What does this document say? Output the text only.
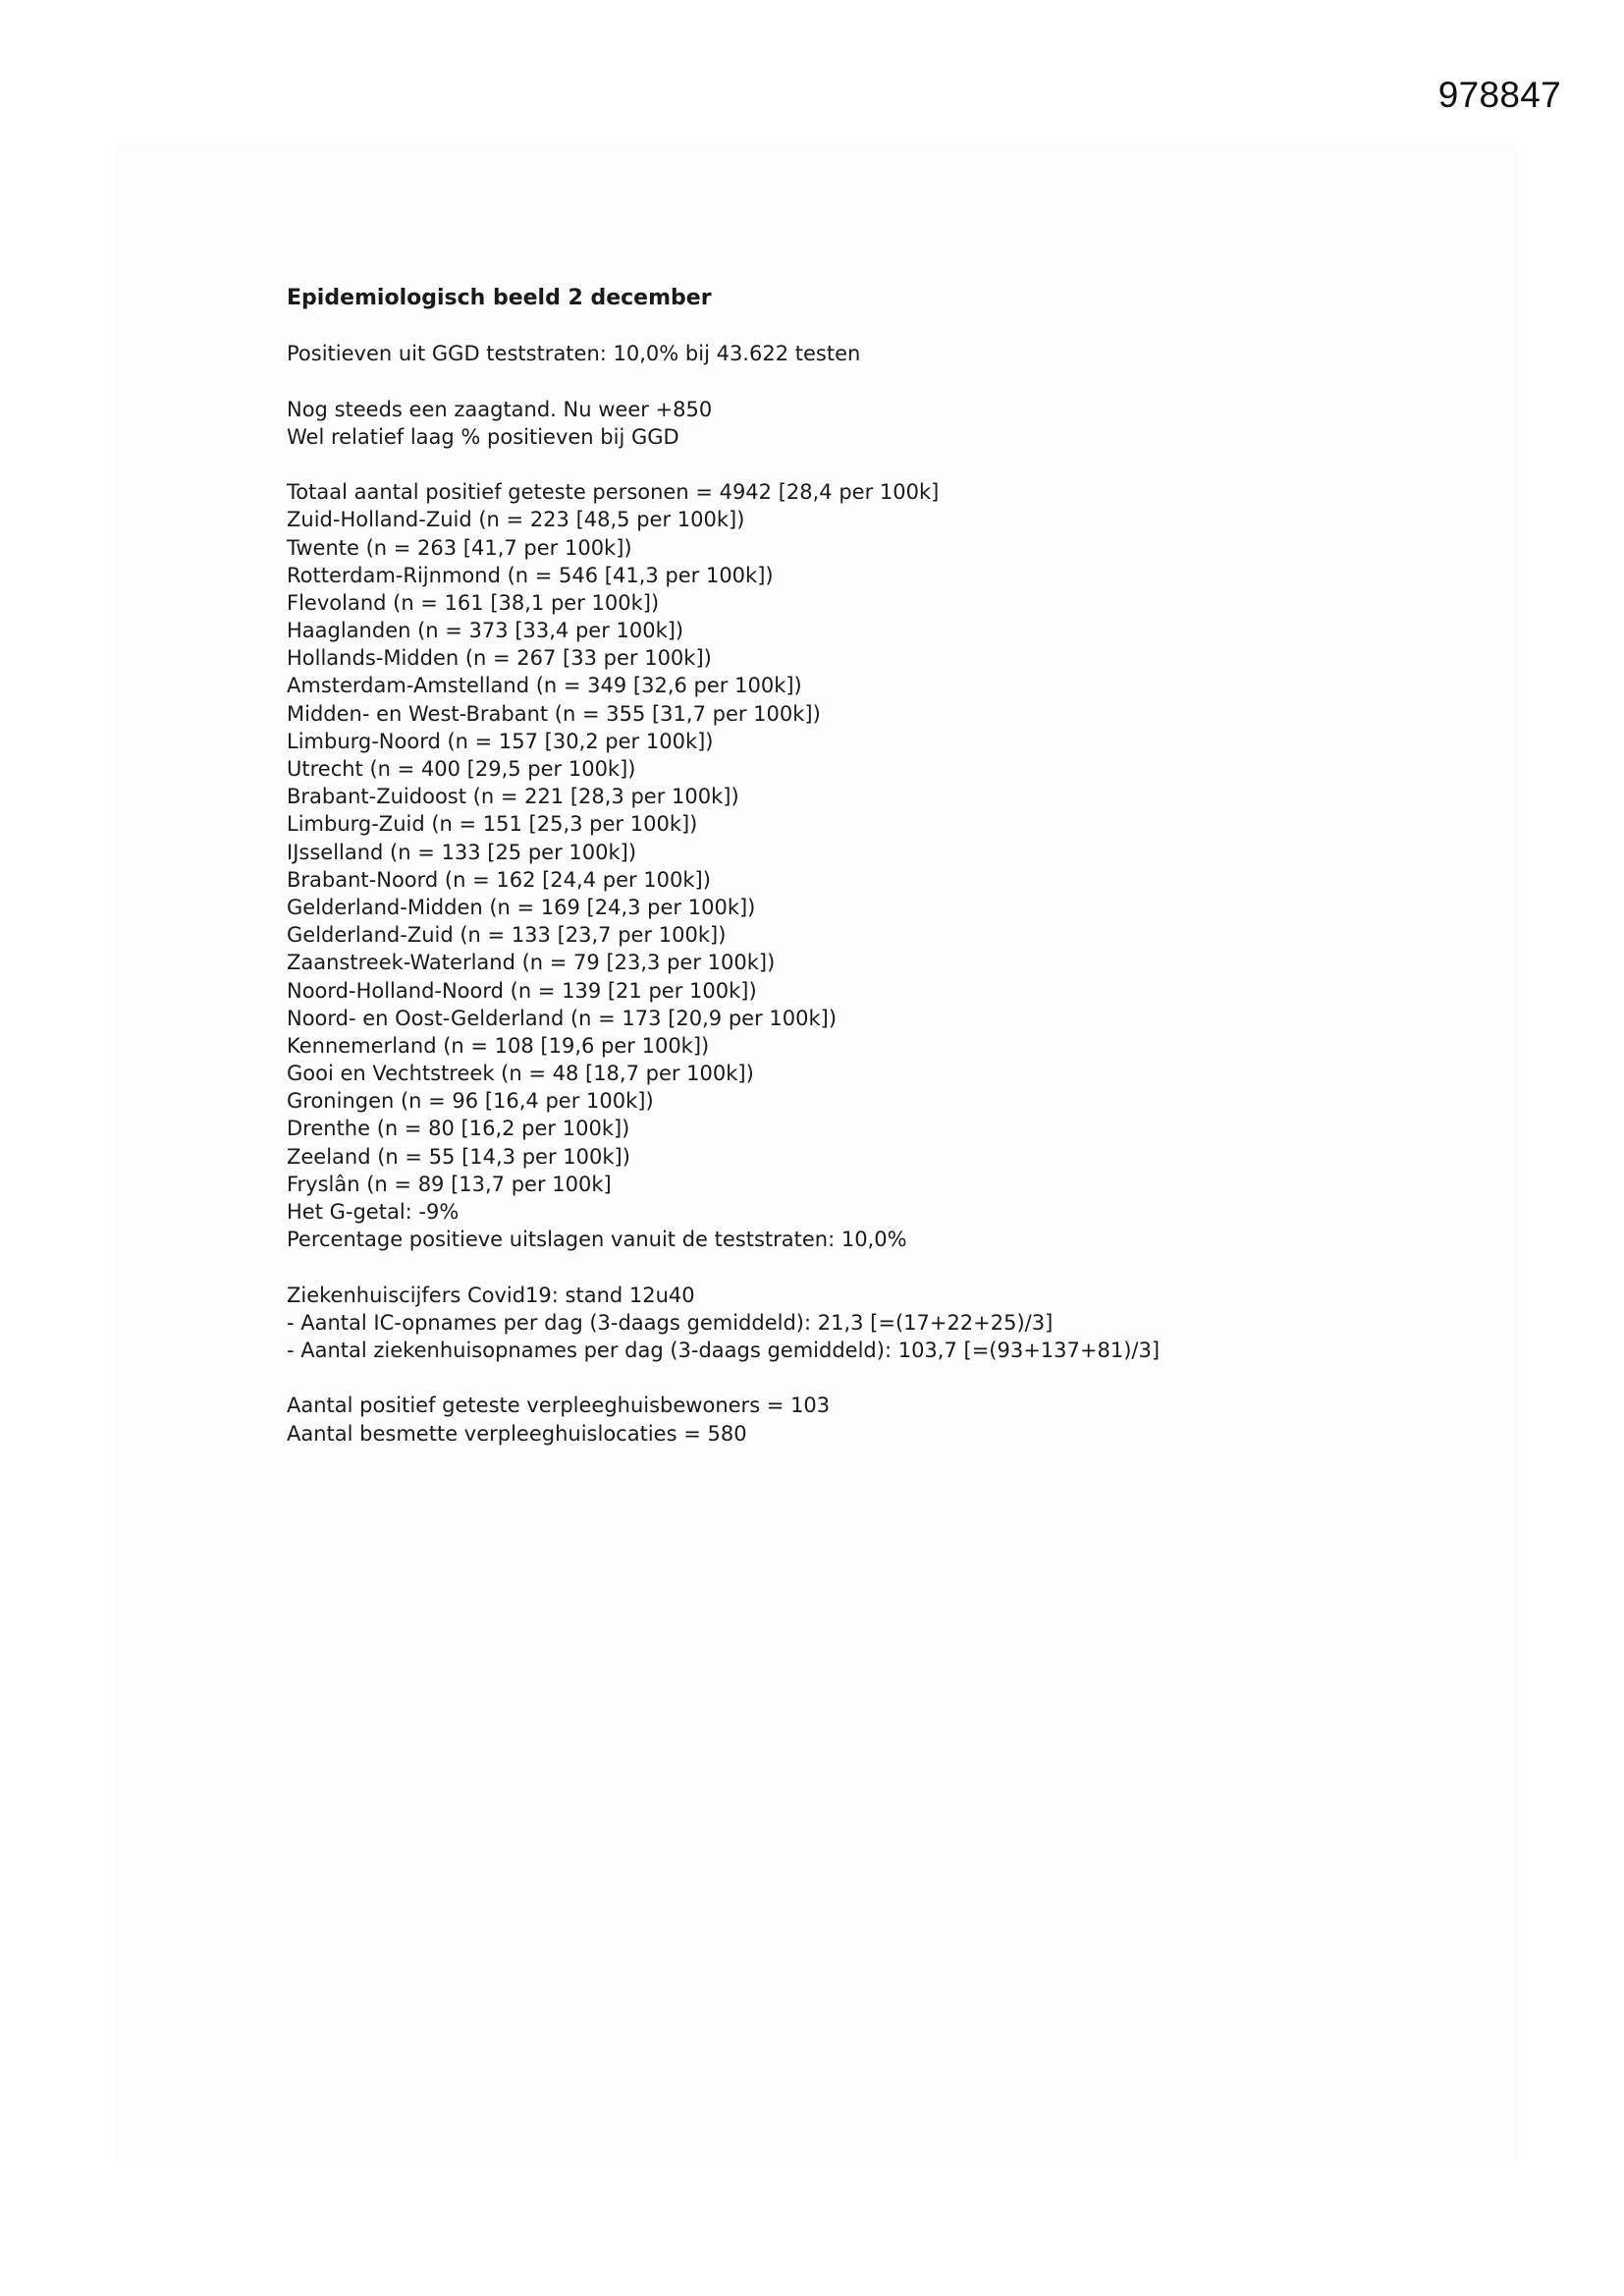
978847
Epidemiologisch beeld 2 december
Positieven uit GGD teststraten: 10,0% bij 43.622 testen
Nog steeds een zaagtand. Nu weer +850
Wel relatief laag % positieven bij GGD
Totaal aantal positief geteste personen = 4942 [28,4 per 100k]
Zuid-Holland-Zuid (n = 223 [48,5 per 100k])
Twente (n = 263 [41,7 per 100k])
Rotterdam-Rijnmond (n = 546 [41,3 per 100k])
Flevoland (n = 161 [38,1 per 100k])
Haaglanden (n = 373 [33,4 per 100k])
Hollands-Midden (n = 267 [33 per 100k])
Amsterdam-Amstelland (n = 349 [32,6 per 100k])
Midden- en West-Brabant (n = 355 [31,7 per 100k])
Limburg-Noord (n = 157 [30,2 per 100k])
Utrecht (n = 400 [29,5 per 100k])
Brabant-Zuidoost (n = 221 [28,3 per 100k])
Limburg-Zuid (n = 151 [25,3 per 100k])
IJsselland (n = 133 [25 per 100k])
Brabant-Noord (n = 162 [24,4 per 100k])
Gelderland-Midden (n = 169 [24,3 per 100k])
Gelderland-Zuid (n = 133 [23,7 per 100k])
Zaanstreek-Waterland (n = 79 [23,3 per 100k])
Noord-Holland-Noord (n = 139 [21 per 100k])
Noord- en Oost-Gelderland (n = 173 [20,9 per 100k])
Kennemerland (n = 108 [19,6 per 100k])
Gooi en Vechtstreek (n = 48 [18,7 per 100k])
Groningen (n = 96 [16,4 per 100k])
Drenthe (n = 80 [16,2 per 100k])
Zeeland (n = 55 [14,3 per 100k])
Fryslân (n = 89 [13,7 per 100k]
Het G-getal: -9%
Percentage positieve uitslagen vanuit de teststraten: 10,0%
Ziekenhuiscijfers Covid19: stand 12u40
- Aantal IC-opnames per dag (3-daags gemiddeld): 21,3 [=(17+22+25)/3]
- Aantal ziekenhuisopnames per dag (3-daags gemiddeld): 103,7 [=(93+137+81)/3]
Aantal positief geteste verpleeghuisbewoners = 103
Aantal besmette verpleeghuislocaties = 580
